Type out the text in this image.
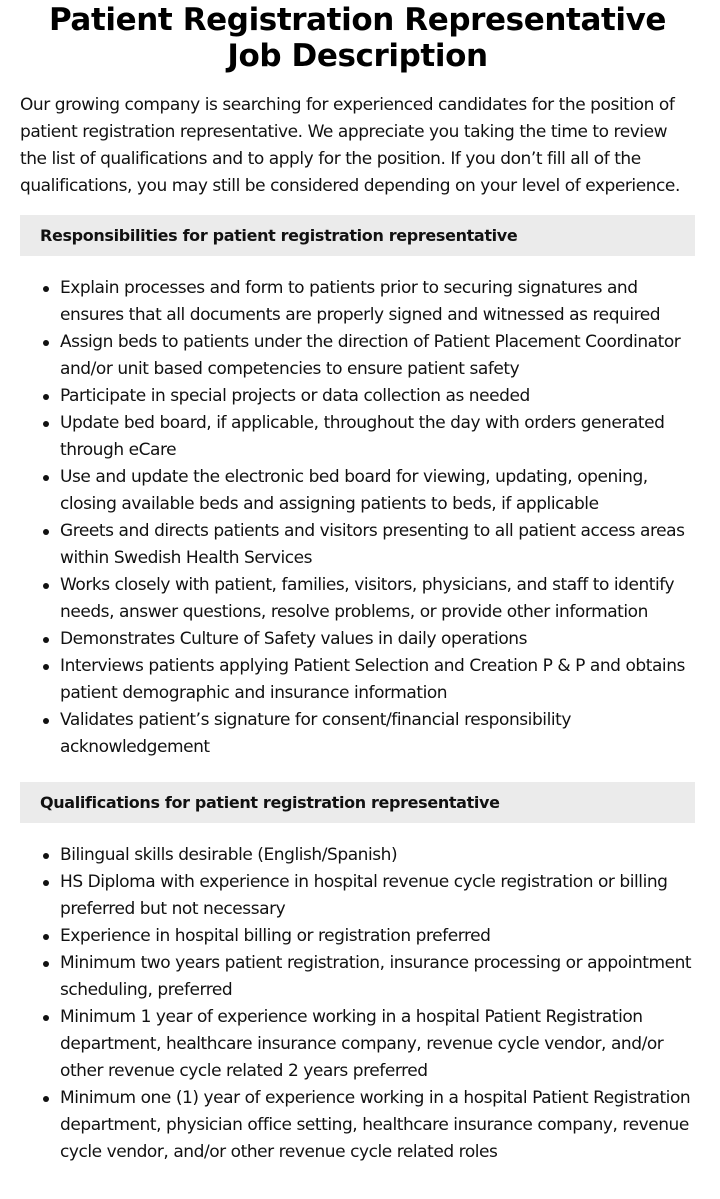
Patient Registration Representative Job Description

Our growing company is searching for experienced candidates for the position of patient registration representative. We appreciate you taking the time to review the list of qualifications and to apply for the position. If you don’t fill all of the qualifications, you may still be considered depending on your level of experience.

Responsibilities for patient registration representative
Explain processes and form to patients prior to securing signatures and ensures that all documents are properly signed and witnessed as required
Assign beds to patients under the direction of Patient Placement Coordinator and/or unit based competencies to ensure patient safety
Participate in special projects or data collection as needed
Update bed board, if applicable, throughout the day with orders generated through eCare
Use and update the electronic bed board for viewing, updating, opening, closing available beds and assigning patients to beds, if applicable
Greets and directs patients and visitors presenting to all patient access areas within Swedish Health Services
Works closely with patient, families, visitors, physicians, and staff to identify needs, answer questions, resolve problems, or provide other information
Demonstrates Culture of Safety values in daily operations
Interviews patients applying Patient Selection and Creation P & P and obtains patient demographic and insurance information
Validates patient’s signature for consent/financial responsibility acknowledgement
Qualifications for patient registration representative
Bilingual skills desirable (English/Spanish)
HS Diploma with experience in hospital revenue cycle registration or billing preferred but not necessary
Experience in hospital billing or registration preferred
Minimum two years patient registration, insurance processing or appointment scheduling, preferred
Minimum 1 year of experience working in a hospital Patient Registration department, healthcare insurance company, revenue cycle vendor, and/or other revenue cycle related 2 years preferred
Minimum one (1) year of experience working in a hospital Patient Registration department, physician office setting, healthcare insurance company, revenue cycle vendor, and/or other revenue cycle related roles
